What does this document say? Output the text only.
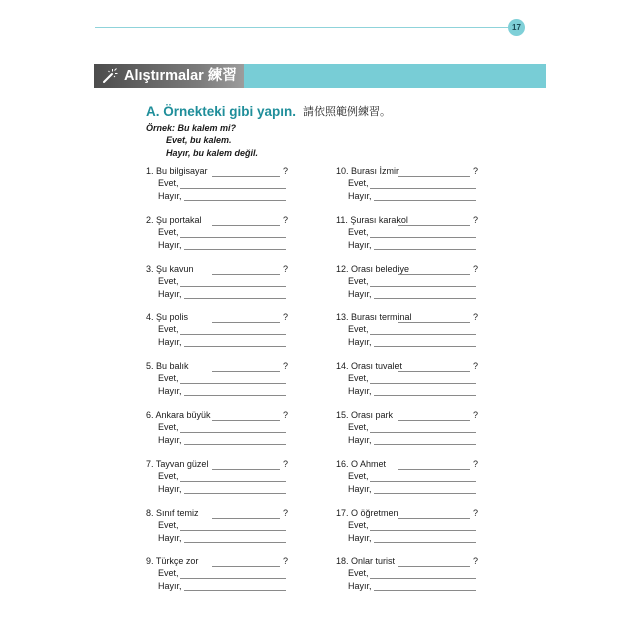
17
Alıştırmalar 練習
A. Örnekteki gibi yapın. 請依照範例練習。
Örnek: Bu kalem mi?
Evet, bu kalem.
Hayır, bu kalem değil.
1. Bu bilgisayar	?
Evet,
Hayır,
2. Şu portakal	?
Evet,
Hayır,
3. Şu kavun	?
Evet,
Hayır,
4. Şu polis	?
Evet,
Hayır,
5. Bu balık	?
Evet,
Hayır,
6. Ankara büyük	?
Evet,
Hayır,
7. Tayvan güzel	?
Evet,
Hayır,
8. Sınıf temiz	?
Evet,
Hayır,
9. Türkçe zor	?
Evet,
Hayır,
10. Burası İzmir	?
Evet,
Hayır,
11. Şurası karakol	?
Evet,
Hayır,
12. Orası belediye	?
Evet,
Hayır,
13. Burası terminal	?
Evet,
Hayır,
14. Orası tuvalet	?
Evet,
Hayır,
15. Orası park	?
Evet,
Hayır,
16. O Ahmet	?
Evet,
Hayır,
17. O öğretmen	?
Evet,
Hayır,
18. Onlar turist	?
Evet,
Hayır,
